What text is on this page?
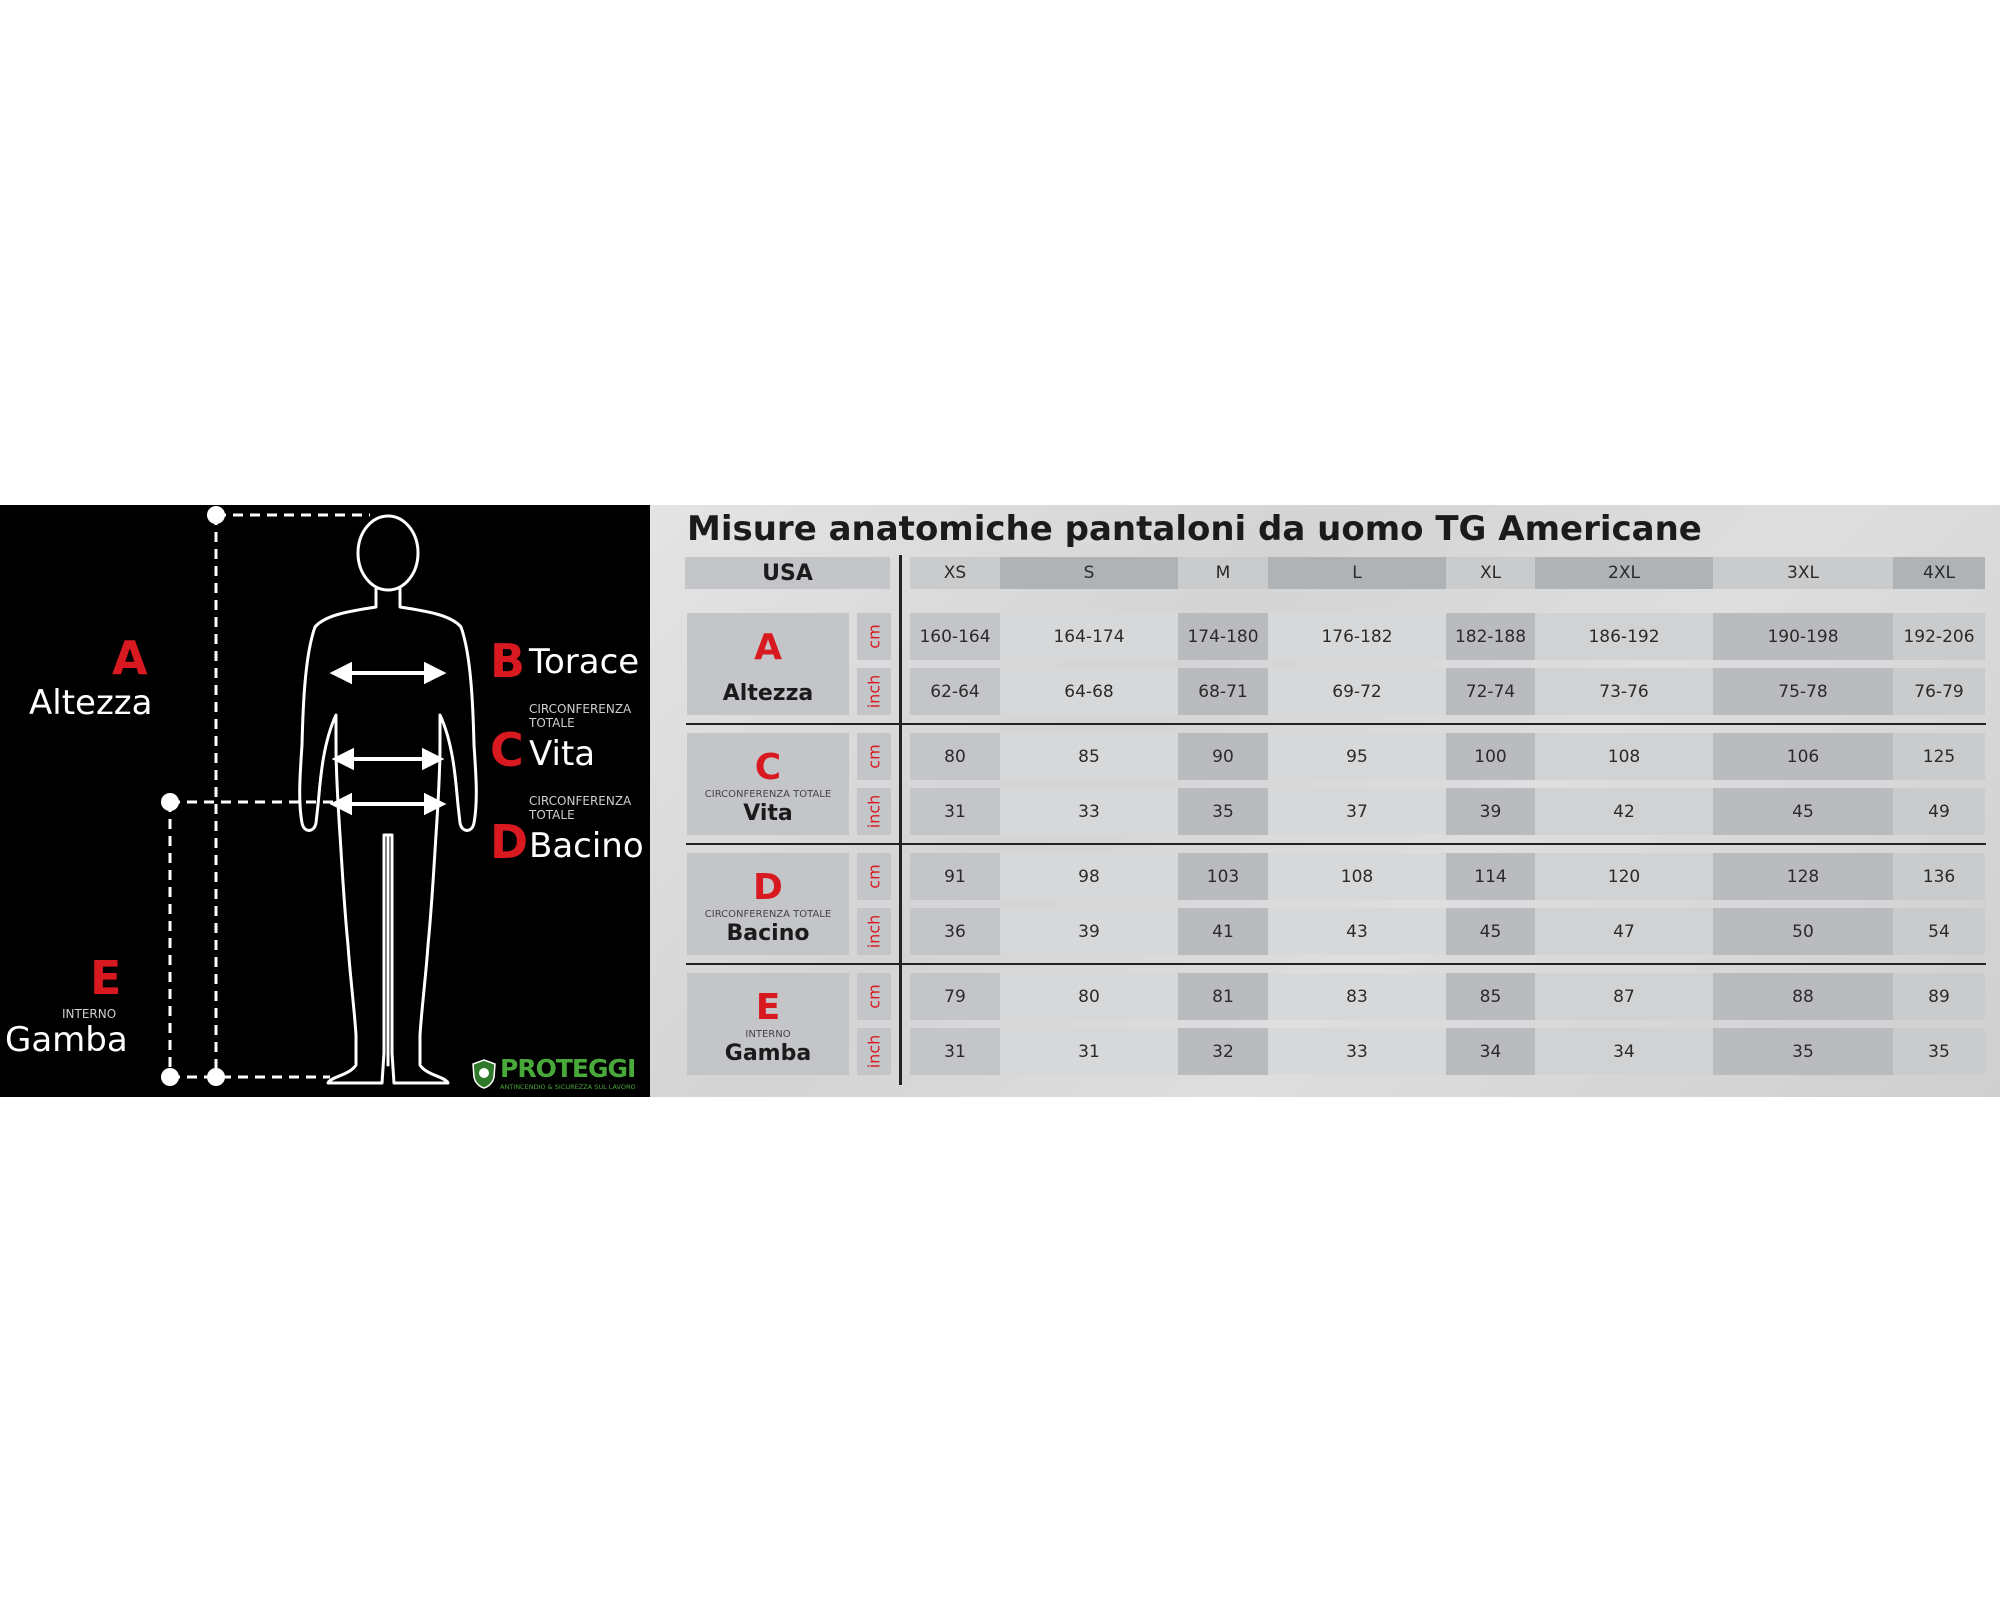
A
Altezza
B Torace
CIRCONFERENZA TOTALE
C Vita
CIRCONFERENZA TOTALE
D Bacino
E
INTERNO
Gamba
PROTEGGI
ANTINCENDIO & SICUREZZA SUL LAVORO
Misure anatomiche pantaloni da uomo TG Americane
USA	XS	S	M	L	XL	2XL	3XL	4XL
A
Altezza
cm	160-164	164-174	174-180	176-182	182-188	186-192	190-198	192-206
inch	62-64	64-68	68-71	69-72	72-74	73-76	75-78	76-79
C
CIRCONFERENZA TOTALE
Vita
cm	80	85	90	95	100	108	106	125
inch	31	33	35	37	39	42	45	49
D
CIRCONFERENZA TOTALE
Bacino
cm	91	98	103	108	114	120	128	136
inch	36	39	41	43	45	47	50	54
E
INTERNO
Gamba
cm	79	80	81	83	85	87	88	89
inch	31	31	32	33	34	34	35	35
